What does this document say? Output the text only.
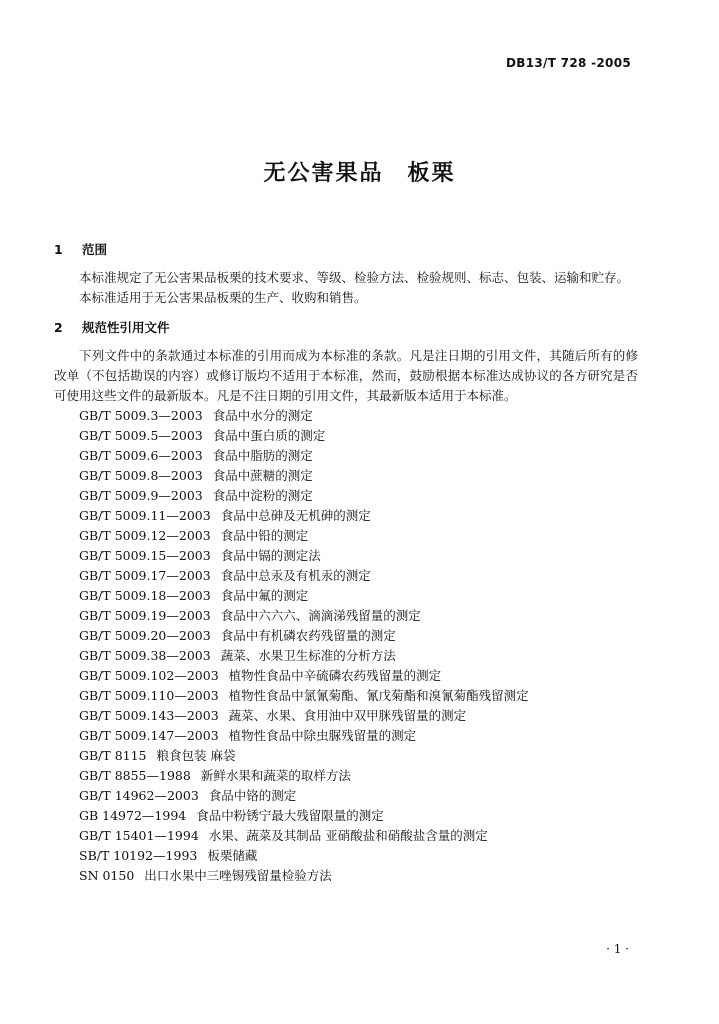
DB13/T 728 -2005
无公害果品　板栗
1 范围

本标准规定了无公害果品板栗的技术要求、等级、检验方法、检验规则、标志、包装、运输和贮存。

本标准适用于无公害果品板栗的生产、收购和销售。

2 规范性引用文件

下列文件中的条款通过本标准的引用而成为本标准的条款。凡是注日期的引用文件，其随后所有的修改单（不包括勘误的内容）或修订版均不适用于本标准，然而，鼓励根据本标准达成协议的各方研究是否可使用这些文件的最新版本。凡是不注日期的引用文件，其最新版本适用于本标准。

GB/T 5009.3—2003 食品中水分的测定
GB/T 5009.5—2003 食品中蛋白质的测定
GB/T 5009.6—2003 食品中脂肪的测定
GB/T 5009.8—2003 食品中蔗糖的测定
GB/T 5009.9—2003 食品中淀粉的测定
GB/T 5009.11—2003 食品中总砷及无机砷的测定
GB/T 5009.12—2003 食品中铅的测定
GB/T 5009.15—2003 食品中镉的测定法
GB/T 5009.17—2003 食品中总汞及有机汞的测定
GB/T 5009.18—2003 食品中氟的测定
GB/T 5009.19—2003 食品中六六六、滴滴涕残留量的测定
GB/T 5009.20—2003 食品中有机磷农药残留量的测定
GB/T 5009.38—2003 蔬菜、水果卫生标准的分析方法
GB/T 5009.102—2003 植物性食品中辛硫磷农药残留量的测定
GB/T 5009.110—2003 植物性食品中氯氰菊酯、氰戊菊酯和溴氰菊酯残留测定
GB/T 5009.143—2003 蔬菜、水果、食用油中双甲脒残留量的测定
GB/T 5009.147—2003 植物性食品中除虫脲残留量的测定
GB/T 8115 粮食包装 麻袋
GB/T 8855—1988 新鲜水果和蔬菜的取样方法
GB/T 14962—2003 食品中铬的测定
GB 14972—1994 食品中粉锈宁最大残留限量的测定
GB/T 15401—1994 水果、蔬菜及其制品 亚硝酸盐和硝酸盐含量的测定
SB/T 10192—1993 板栗储藏
SN 0150 出口水果中三唑锡残留量检验方法
· 1 ·
